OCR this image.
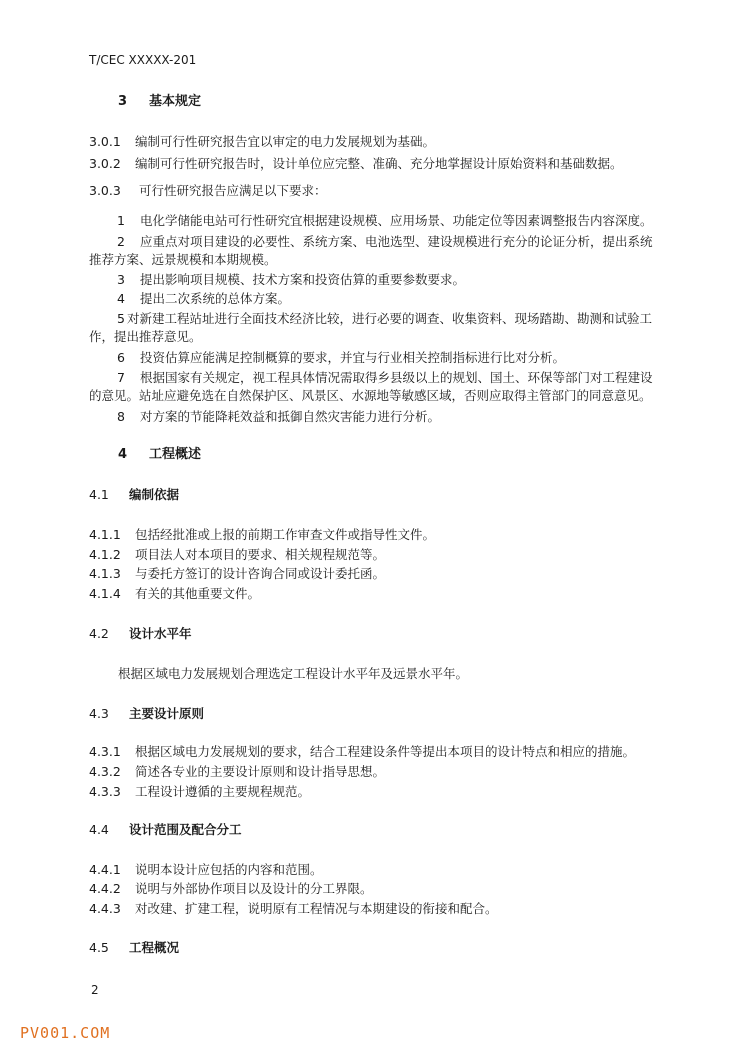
T/CEC XXXXX-201
3 基本规定
3.0.1 编制可行性研究报告宜以审定的电力发展规划为基础。
3.0.2 编制可行性研究报告时，设计单位应完整、准确、充分地掌握设计原始资料和基础数据。
3.0.3 可行性研究报告应满足以下要求：
1 电化学储能电站可行性研究宜根据建设规模、应用场景、功能定位等因素调整报告内容深度。
2 应重点对项目建设的必要性、系统方案、电池选型、建设规模进行充分的论证分析，提出系统
推荐方案、远景规模和本期规模。
3 提出影响项目规模、技术方案和投资估算的重要参数要求。
4 提出二次系统的总体方案。
5 对新建工程站址进行全面技术经济比较，进行必要的调查、收集资料、现场踏勘、勘测和试验工
作，提出推荐意见。
6 投资估算应能满足控制概算的要求，并宜与行业相关控制指标进行比对分析。
7 根据国家有关规定，视工程具体情况需取得乡县级以上的规划、国土、环保等部门对工程建设
的意见。站址应避免选在自然保护区、风景区、水源地等敏感区域，否则应取得主管部门的同意意见。
8 对方案的节能降耗效益和抵御自然灾害能力进行分析。
4 工程概述
4.1 编制依据
4.1.1 包括经批准或上报的前期工作审查文件或指导性文件。
4.1.2 项目法人对本项目的要求、相关规程规范等。
4.1.3 与委托方签订的设计咨询合同或设计委托函。
4.1.4 有关的其他重要文件。
4.2 设计水平年
根据区域电力发展规划合理选定工程设计水平年及远景水平年。
4.3 主要设计原则
4.3.1 根据区域电力发展规划的要求，结合工程建设条件等提出本项目的设计特点和相应的措施。
4.3.2 简述各专业的主要设计原则和设计指导思想。
4.3.3 工程设计遵循的主要规程规范。
4.4 设计范围及配合分工
4.4.1 说明本设计应包括的内容和范围。
4.4.2 说明与外部协作项目以及设计的分工界限。
4.4.3 对改建、扩建工程，说明原有工程情况与本期建设的衔接和配合。
4.5 工程概况
2
PV001.COM
